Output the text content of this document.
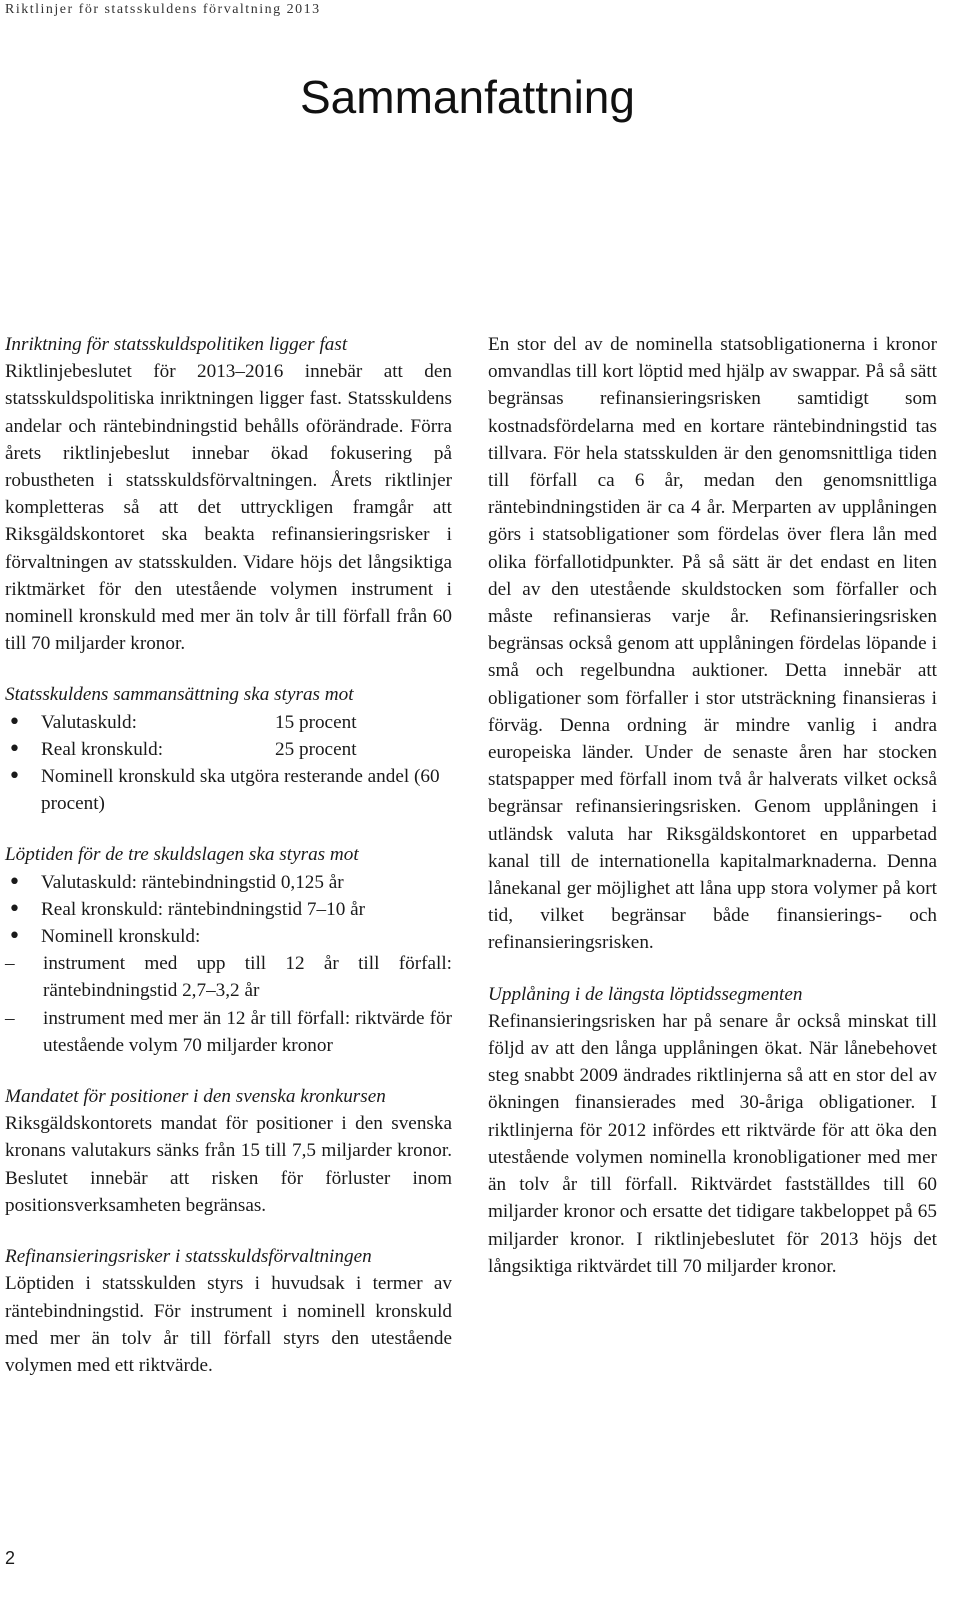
Riktlinjer för statsskuldens förvaltning 2013
Sammanfattning

Inriktning för statsskuldspolitiken ligger fast
Riktlinjebeslutet för 2013–2016 innebär att den statsskuldspolitiska inriktningen ligger fast. Statsskuldens andelar och räntebindningstid behålls oförändrade. Förra årets riktlinjebeslut innebar ökad fokusering på robustheten i statsskuldsförvaltningen. Årets riktlinjer kompletteras så att det uttryckligen framgår att Riksgäldskontoret ska beakta refinansieringsrisker i förvaltningen av statsskulden. Vidare höjs det långsiktiga riktmärket för den utestående volymen instrument i nominell kronskuld med mer än tolv år till förfall från 60 till 70 miljarder kronor.

Statsskuldens sammansättning ska styras mot
• Valutaskuld:	15 procent
• Real kronskuld:	25 procent
• Nominell kronskuld ska utgöra resterande andel (60 procent)
Löptiden för de tre skuldslagen ska styras mot
• Valutaskuld: räntebindningstid 0,125 år
• Real kronskuld: räntebindningstid 7–10 år
• Nominell kronskuld:
– instrument med upp till 12 år till förfall: räntebindningstid 2,7–3,2 år
– instrument med mer än 12 år till förfall: riktvärde för utestående volym 70 miljarder kronor

Mandatet för positioner i den svenska kronkursen
Riksgäldskontorets mandat för positioner i den svenska kronans valutakurs sänks från 15 till 7,5 miljarder kronor. Beslutet innebär att risken för förluster inom positionsverksamheten begränsas.

Refinansieringsrisker i statsskuldsförvaltningen
Löptiden i statsskulden styrs i huvudsak i termer av räntebindningstid. För instrument i nominell kronskuld med mer än tolv år till förfall styrs den utestående volymen med ett riktvärde.

En stor del av de nominella statsobligationerna i kronor omvandlas till kort löptid med hjälp av swappar. På så sätt begränsas refinansieringsrisken samtidigt som kostnadsfördelarna med en kortare räntebindningstid tas tillvara. För hela statsskulden är den genomsnittliga tiden till förfall ca 6 år, medan den genomsnittliga räntebindningstiden är ca 4 år. Merparten av upplåningen görs i statsobligationer som fördelas över flera lån med olika förfallotidpunkter. På så sätt är det endast en liten del av den utestående skuldstocken som förfaller och måste refinansieras varje år. Refinansieringsrisken begränsas också genom att upplåningen fördelas löpande i små och regelbundna auktioner. Detta innebär att obligationer som förfaller i stor utsträckning finansieras i förväg. Denna ordning är mindre vanlig i andra europeiska länder. Under de senaste åren har stocken statspapper med förfall inom två år halverats vilket också begränsar refinansieringsrisken. Genom upplåningen i utländsk valuta har Riksgäldskontoret en upparbetad kanal till de internationella kapitalmarknaderna. Denna lånekanal ger möjlighet att låna upp stora volymer på kort tid, vilket begränsar både finansierings- och refinansieringsrisken.

Upplåning i de längsta löptidssegmenten
Refinansieringsrisken har på senare år också minskat till följd av att den långa upplåningen ökat. När lånebehovet steg snabbt 2009 ändrades riktlinjerna så att en stor del av ökningen finansierades med 30-åriga obligationer. I riktlinjerna för 2012 infördes ett riktvärde för att öka den utestående volymen nominella kronobligationer med mer än tolv år till förfall. Riktvärdet fastställdes till 60 miljarder kronor och ersatte det tidigare takbeloppet på 65 miljarder kronor. I riktlinjebeslutet för 2013 höjs det långsiktiga riktvärdet till 70 miljarder kronor.

2
